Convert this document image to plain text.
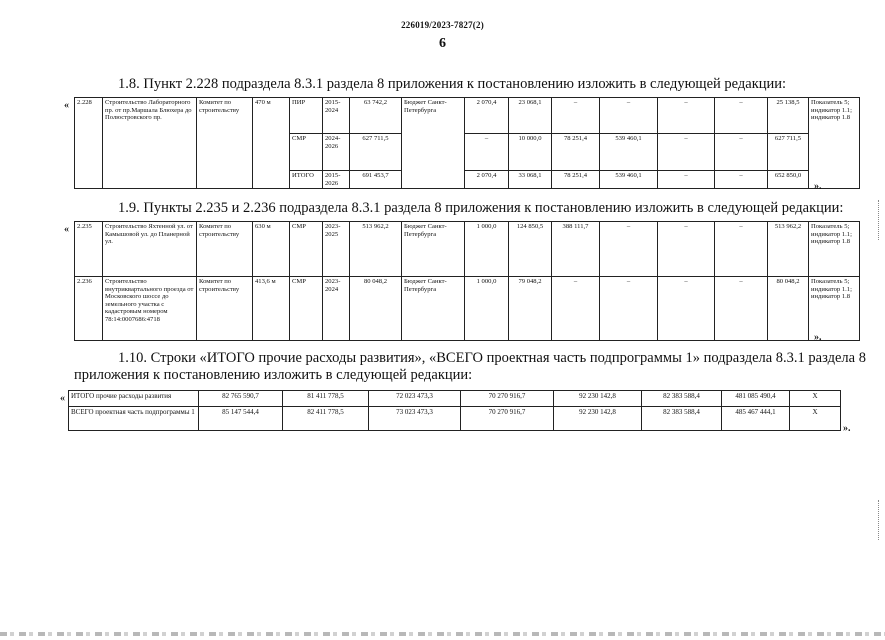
226019/2023-7827(2)
6
1.8. Пункт 2.228 подраздела 8.3.1 раздела 8 приложения к постановлению изложить в следующей редакции:
« 2.228	Строительство Лабораторного пр. от пр.Маршала Блюхера до Полюстровского пр.	Комитет по строительству	470 м	ПИР	2015-2024	63 742,2	Бюджет Санкт-Петербурга	2 070,4	23 068,1	–	–	–	–	25 138,5	Показатель 5; индикатор 1.1; индикатор 1.8
				СМР	2024-2026	627 711,5		–	10 000,0	78 251,4	539 460,1	–	–	627 711,5	
				ИТОГО	2015-2026	691 453,7		2 070,4	33 068,1	78 251,4	539 460,1	–	–	652 850,0	
».
1.9. Пункты 2.235 и 2.236 подраздела 8.3.1 раздела 8 приложения к постановлению изложить в следующей редакции:
« 2.235	Строительство Яхтенной ул. от Камышовой ул. до Планерной ул.	Комитет по строительству	630 м	СМР	2023-2025	513 962,2	Бюджет Санкт-Петербурга	1 000,0	124 850,5	388 111,7	–	–	–	513 962,2	Показатель 5; индикатор 1.1; индикатор 1.8
2.236	Строительство внутриквартального проезда от Московского шоссе до земельного участка с кадастровым номером 78:14:0007686:4718	Комитет по строительству	413,6 м	СМР	2023-2024	80 048,2	Бюджет Санкт-Петербурга	1 000,0	79 048,2	–	–	–	–	80 048,2	Показатель 5; индикатор 1.1; индикатор 1.8
».
1.10. Строки «ИТОГО прочие расходы развития», «ВСЕГО проектная часть подпрограммы 1» подраздела 8.3.1 раздела 8
приложения к постановлению изложить в следующей редакции:
« ИТОГО прочие расходы развития	82 765 590,7	81 411 778,5	72 023 473,3	70 270 916,7	92 230 142,8	82 383 588,4	481 085 490,4	Х
ВСЕГО проектная часть подпрограммы 1	85 147 544,4	82 411 778,5	73 023 473,3	70 270 916,7	92 230 142,8	82 383 588,4	485 467 444,1	Х
».
